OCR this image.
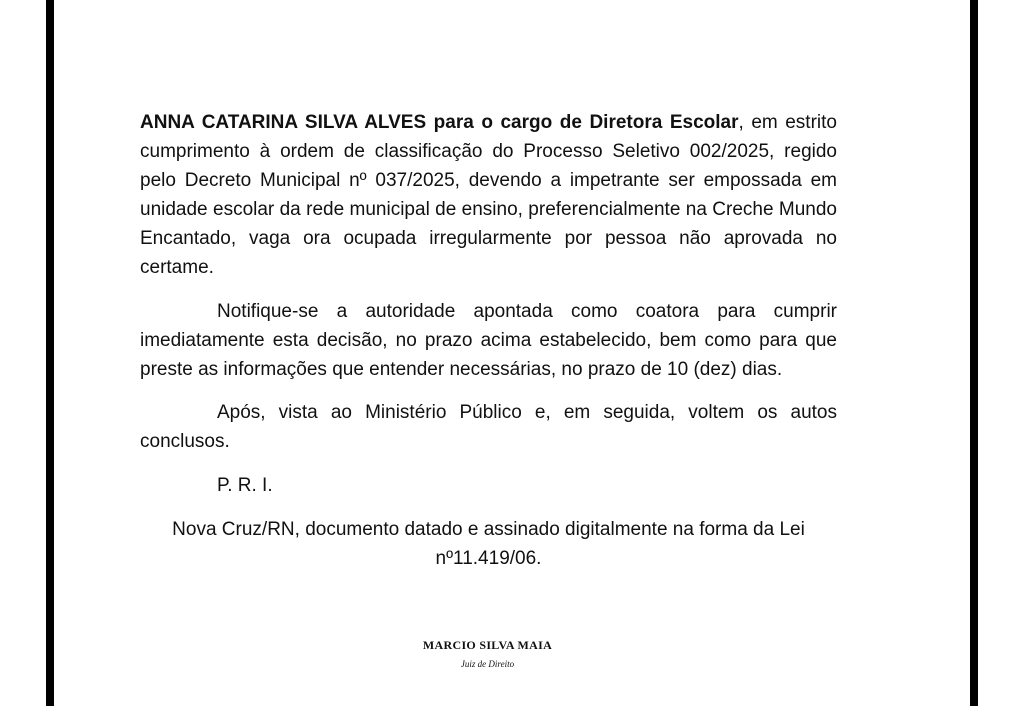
ANNA CATARINA SILVA ALVES para o cargo de Diretora Escolar, em estrito cumprimento à ordem de classificação do Processo Seletivo 002/2025, regido pelo Decreto Municipal nº 037/2025, devendo a impetrante ser empossada em unidade escolar da rede municipal de ensino, preferencialmente na Creche Mundo Encantado, vaga ora ocupada irregularmente por pessoa não aprovada no certame.
Notifique-se a autoridade apontada como coatora para cumprir imediatamente esta decisão, no prazo acima estabelecido, bem como para que preste as informações que entender necessárias, no prazo de 10 (dez) dias.
Após, vista ao Ministério Público e, em seguida, voltem os autos conclusos.
P. R. I.
Nova Cruz/RN, documento datado e assinado digitalmente na forma da Lei
nº11.419/06.
MARCIO SILVA MAIA
Juiz de Direito
